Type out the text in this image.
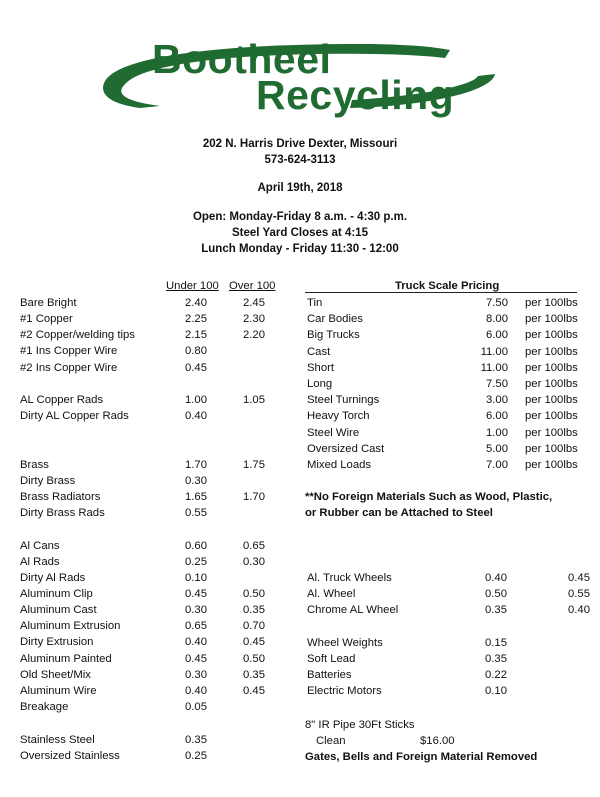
Bootheel
Recycling
202 N. Harris Drive Dexter, Missouri
573-624-3113
April 19th, 2018
Open: Monday-Friday 8 a.m. - 4:30 p.m.
Steel Yard Closes at 4:15
Lunch Monday - Friday 11:30 - 12:00
Under 100 Over 100
Bare Bright	2.40	2.45
#1 Copper	2.25	2.30
#2 Copper/welding tips	2.15	2.20
#1 Ins Copper Wire	0.80
#2 Ins Copper Wire	0.45
AL Copper Rads	1.00	1.05
Dirty AL Copper Rads	0.40
Brass	1.70	1.75
Dirty Brass	0.30
Brass Radiators	1.65	1.70
Dirty Brass Rads	0.55
Al Cans	0.60	0.65
Al Rads	0.25	0.30
Dirty Al Rads	0.10
Aluminum Clip	0.45	0.50
Aluminum Cast	0.30	0.35
Aluminum Extrusion	0.65	0.70
Dirty Extrusion	0.40	0.45
Aluminum Painted	0.45	0.50
Old Sheet/Mix	0.30	0.35
Aluminum Wire	0.40	0.45
Breakage	0.05
Stainless Steel	0.35
Oversized Stainless	0.25
Truck Scale Pricing
Tin	7.50 per 100lbs
Car Bodies	8.00 per 100lbs
Big Trucks	6.00 per 100lbs
Cast	11.00 per 100lbs
Short	11.00 per 100lbs
Long	7.50 per 100lbs
Steel Turnings	3.00 per 100lbs
Heavy Torch	6.00 per 100lbs
Steel Wire	1.00 per 100lbs
Oversized Cast	5.00 per 100lbs
Mixed Loads	7.00 per 100lbs
**No Foreign Materials Such as Wood, Plastic,
or Rubber can be Attached to Steel
Al. Truck Wheels	0.40	0.45
Al. Wheel	0.50	0.55
Chrome AL Wheel	0.35	0.40
Wheel Weights	0.15
Soft Lead	0.35
Batteries	0.22
Electric Motors	0.10
8" IR Pipe 30Ft Sticks
Clean	$16.00
Gates, Bells and Foreign Material Removed
